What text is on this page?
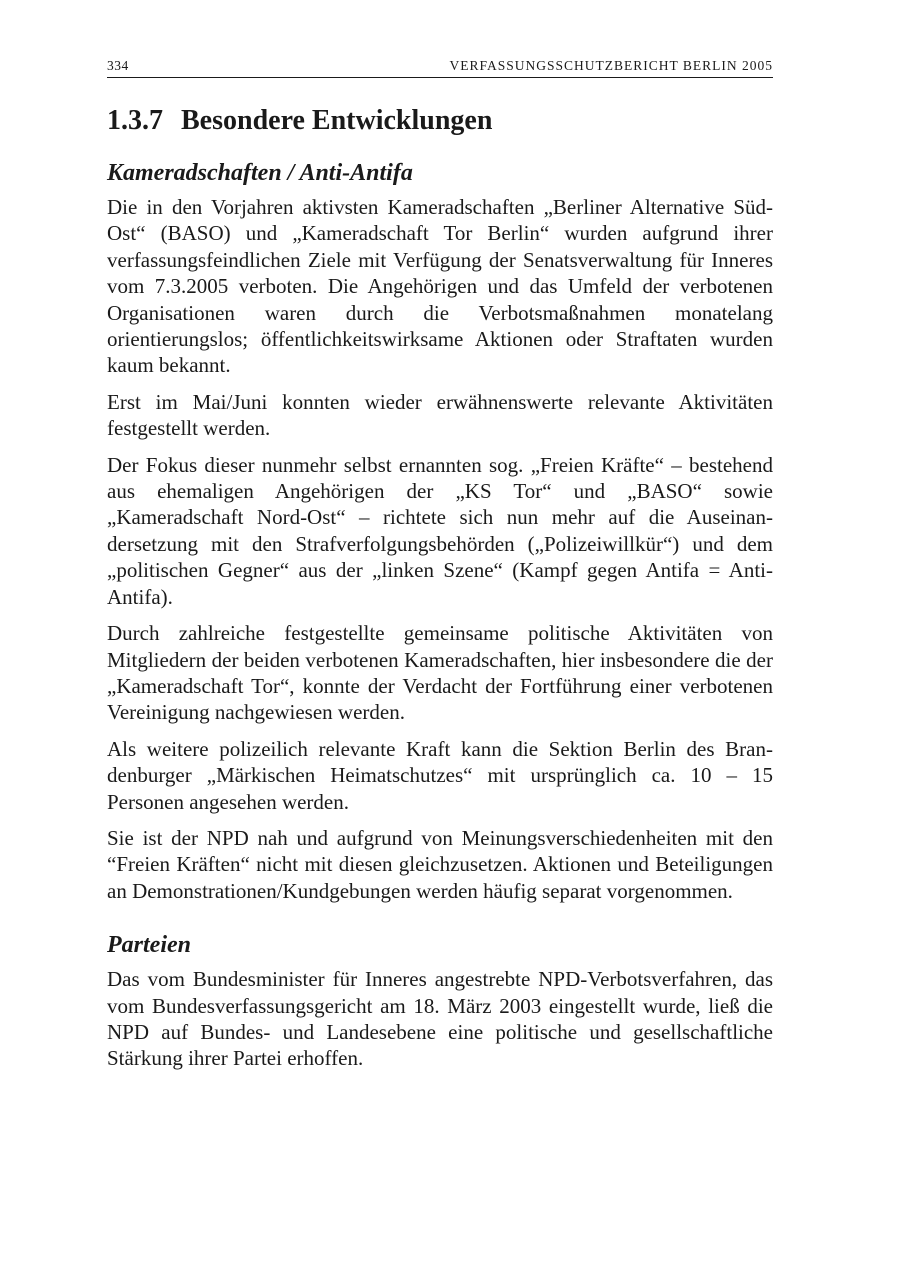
334	VERFASSUNGSSCHUTZBERICHT BERLIN 2005
1.3.7 Besondere Entwicklungen
Kameradschaften / Anti-Antifa

Die in den Vorjahren aktivsten Kameradschaften „Berliner Alternative Süd-Ost“ (BASO) und „Kameradschaft Tor Berlin“ wurden aufgrund ihrer verfassungsfeindlichen Ziele mit Verfügung der Senatsverwaltung für Inneres vom 7.3.2005 verboten. Die Angehörigen und das Umfeld der verbotenen Organisationen waren durch die Verbotsmaßnahmen monatelang orientierungslos; öffentlichkeitswirksame Aktionen oder Straftaten wurden kaum bekannt.

Erst im Mai/Juni konnten wieder erwähnenswerte relevante Aktivitäten festgestellt werden.

Der Fokus dieser nunmehr selbst ernannten sog. „Freien Kräfte“ – bestehend aus ehemaligen Angehörigen der „KS Tor“ und „BASO“ sowie „Kameradschaft Nord-Ost“ – richtete sich nun mehr auf die Auseinandersetzung mit den Strafverfolgungsbehörden („Polizeiwillkür“) und dem „politischen Gegner“ aus der „linken Szene“ (Kampf gegen Antifa = Anti-Antifa).

Durch zahlreiche festgestellte gemeinsame politische Aktivitäten von Mitgliedern der beiden verbotenen Kameradschaften, hier insbesondere die der „Kameradschaft Tor“, konnte der Verdacht der Fortführung einer verbotenen Vereinigung nachgewiesen werden.

Als weitere polizeilich relevante Kraft kann die Sektion Berlin des Brandenburger „Märkischen Heimatschutzes“ mit ursprünglich ca. 10 – 15 Personen angesehen werden.

Sie ist der NPD nah und aufgrund von Meinungsverschiedenheiten mit den “Freien Kräften“ nicht mit diesen gleichzusetzen. Aktionen und Beteiligungen an Demonstrationen/Kundgebungen werden häufig separat vorgenommen.

Parteien

Das vom Bundesminister für Inneres angestrebte NPD-Verbotsverfahren, das vom Bundesverfassungsgericht am 18. März 2003 eingestellt wurde, ließ die NPD auf Bundes- und Landesebene eine politische und gesellschaftliche Stärkung ihrer Partei erhoffen.
